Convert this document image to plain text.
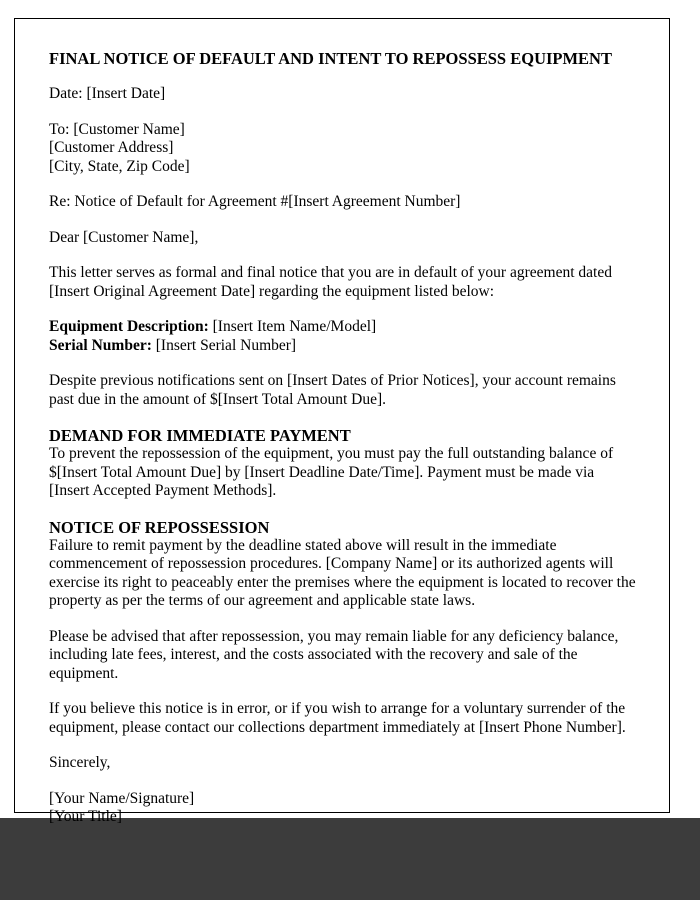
FINAL NOTICE OF DEFAULT AND INTENT TO REPOSSESS EQUIPMENT

Date: [Insert Date]

To: [Customer Name]
[Customer Address]
[City, State, Zip Code]

Re: Notice of Default for Agreement #[Insert Agreement Number]

Dear [Customer Name],

This letter serves as formal and final notice that you are in default of your agreement dated [Insert Original Agreement Date] regarding the equipment listed below:

Equipment Description: [Insert Item Name/Model]
Serial Number: [Insert Serial Number]

Despite previous notifications sent on [Insert Dates of Prior Notices], your account remains past due in the amount of $[Insert Total Amount Due].

DEMAND FOR IMMEDIATE PAYMENT

To prevent the repossession of the equipment, you must pay the full outstanding balance of $[Insert Total Amount Due] by [Insert Deadline Date/Time]. Payment must be made via [Insert Accepted Payment Methods].

NOTICE OF REPOSSESSION

Failure to remit payment by the deadline stated above will result in the immediate commencement of repossession procedures. [Company Name] or its authorized agents will exercise its right to peaceably enter the premises where the equipment is located to recover the property as per the terms of our agreement and applicable state laws.

Please be advised that after repossession, you may remain liable for any deficiency balance, including late fees, interest, and the costs associated with the recovery and sale of the equipment.

If you believe this notice is in error, or if you wish to arrange for a voluntary surrender of the equipment, please contact our collections department immediately at [Insert Phone Number].

Sincerely,

[Your Name/Signature]
[Your Title]
